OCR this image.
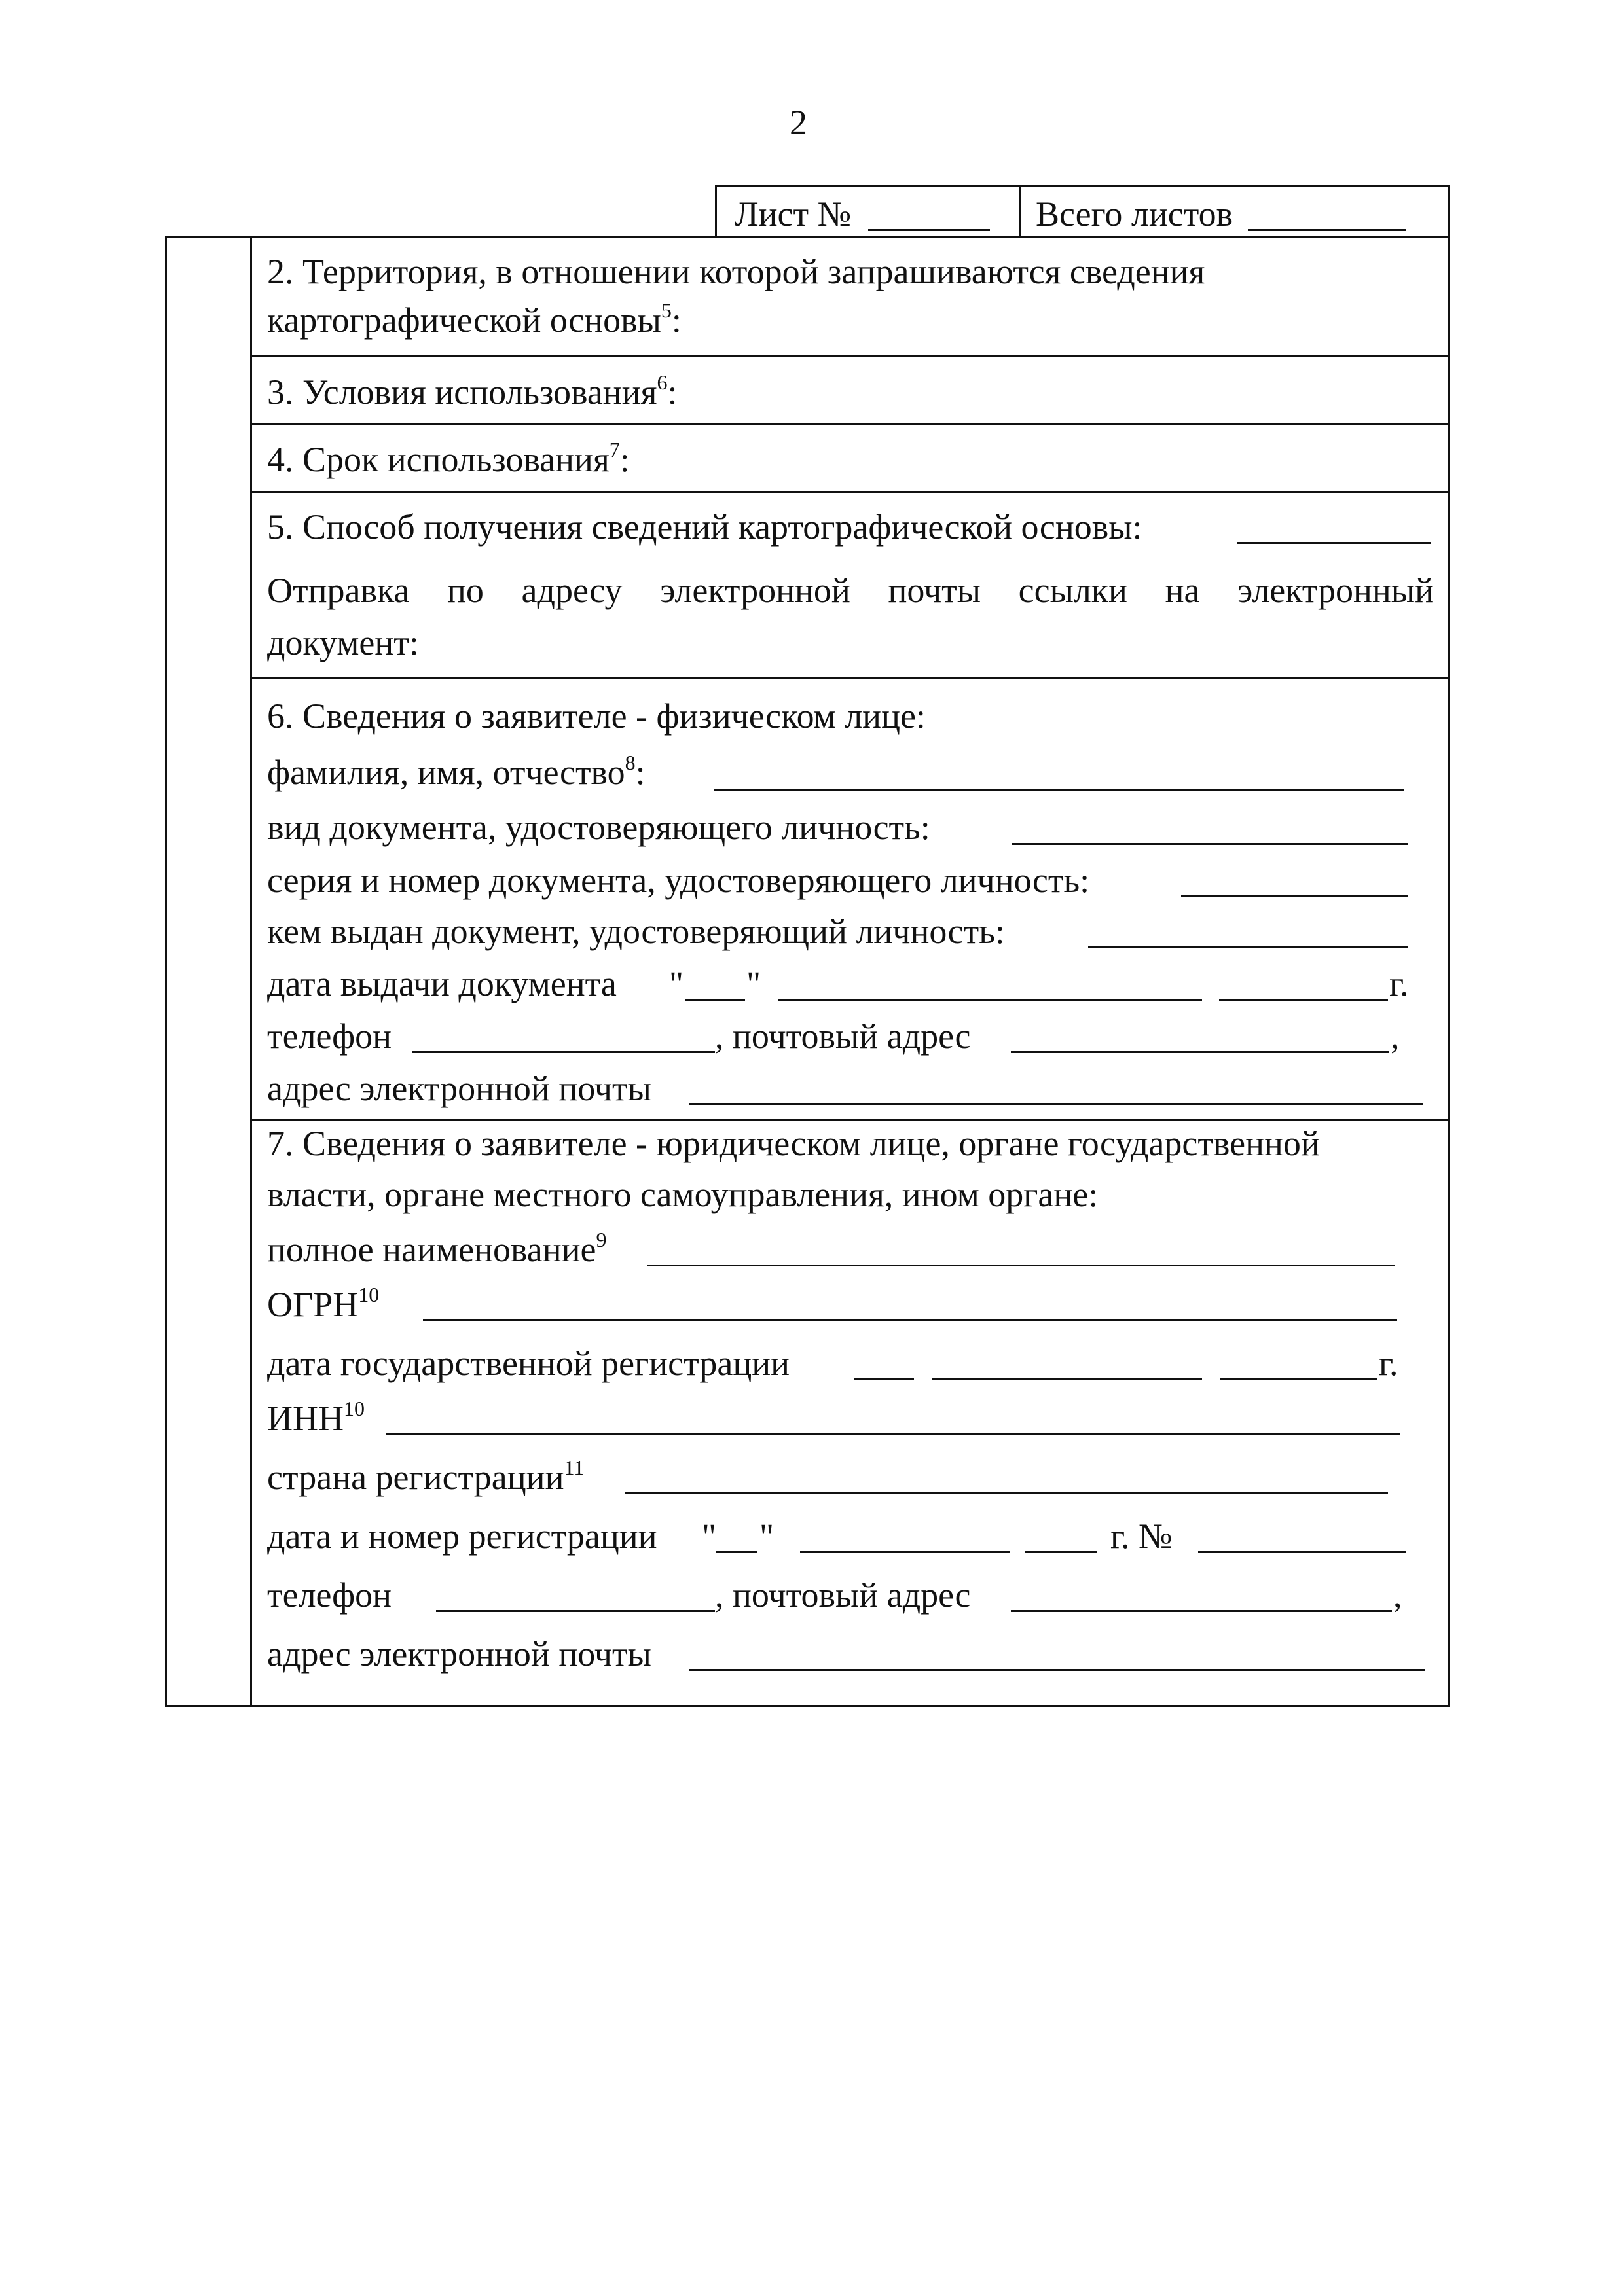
2
Лист №	Всего листов
2. Территория, в отношении которой запрашиваются сведения
картографической основы$^5$:
3. Условия использования$^6$:
4. Срок использования$^7$:
5. Способ получения сведений картографической основы:
Отправка по адресу электронной почты ссылки на электронный
документ:
6. Сведения о заявителе - физическом лице:
фамилия, имя, отчество$^8$:
вид документа, удостоверяющего личность:
серия и номер документа, удостоверяющего личность:
кем выдан документ, удостоверяющий личность:
дата выдачи документа " "	г.
телефон	, почтовый адрес	,
адрес электронной почты
7. Сведения о заявителе - юридическом лице, органе государственной
власти, органе местного самоуправления, ином органе:
полное наименование$^9$
ОГРН$^{10}$
дата государственной регистрации	г.
ИНН$^{10}$
страна регистрации$^{11}$
дата и номер регистрации " "	г. №
телефон	, почтовый адрес	,
адрес электронной почты
